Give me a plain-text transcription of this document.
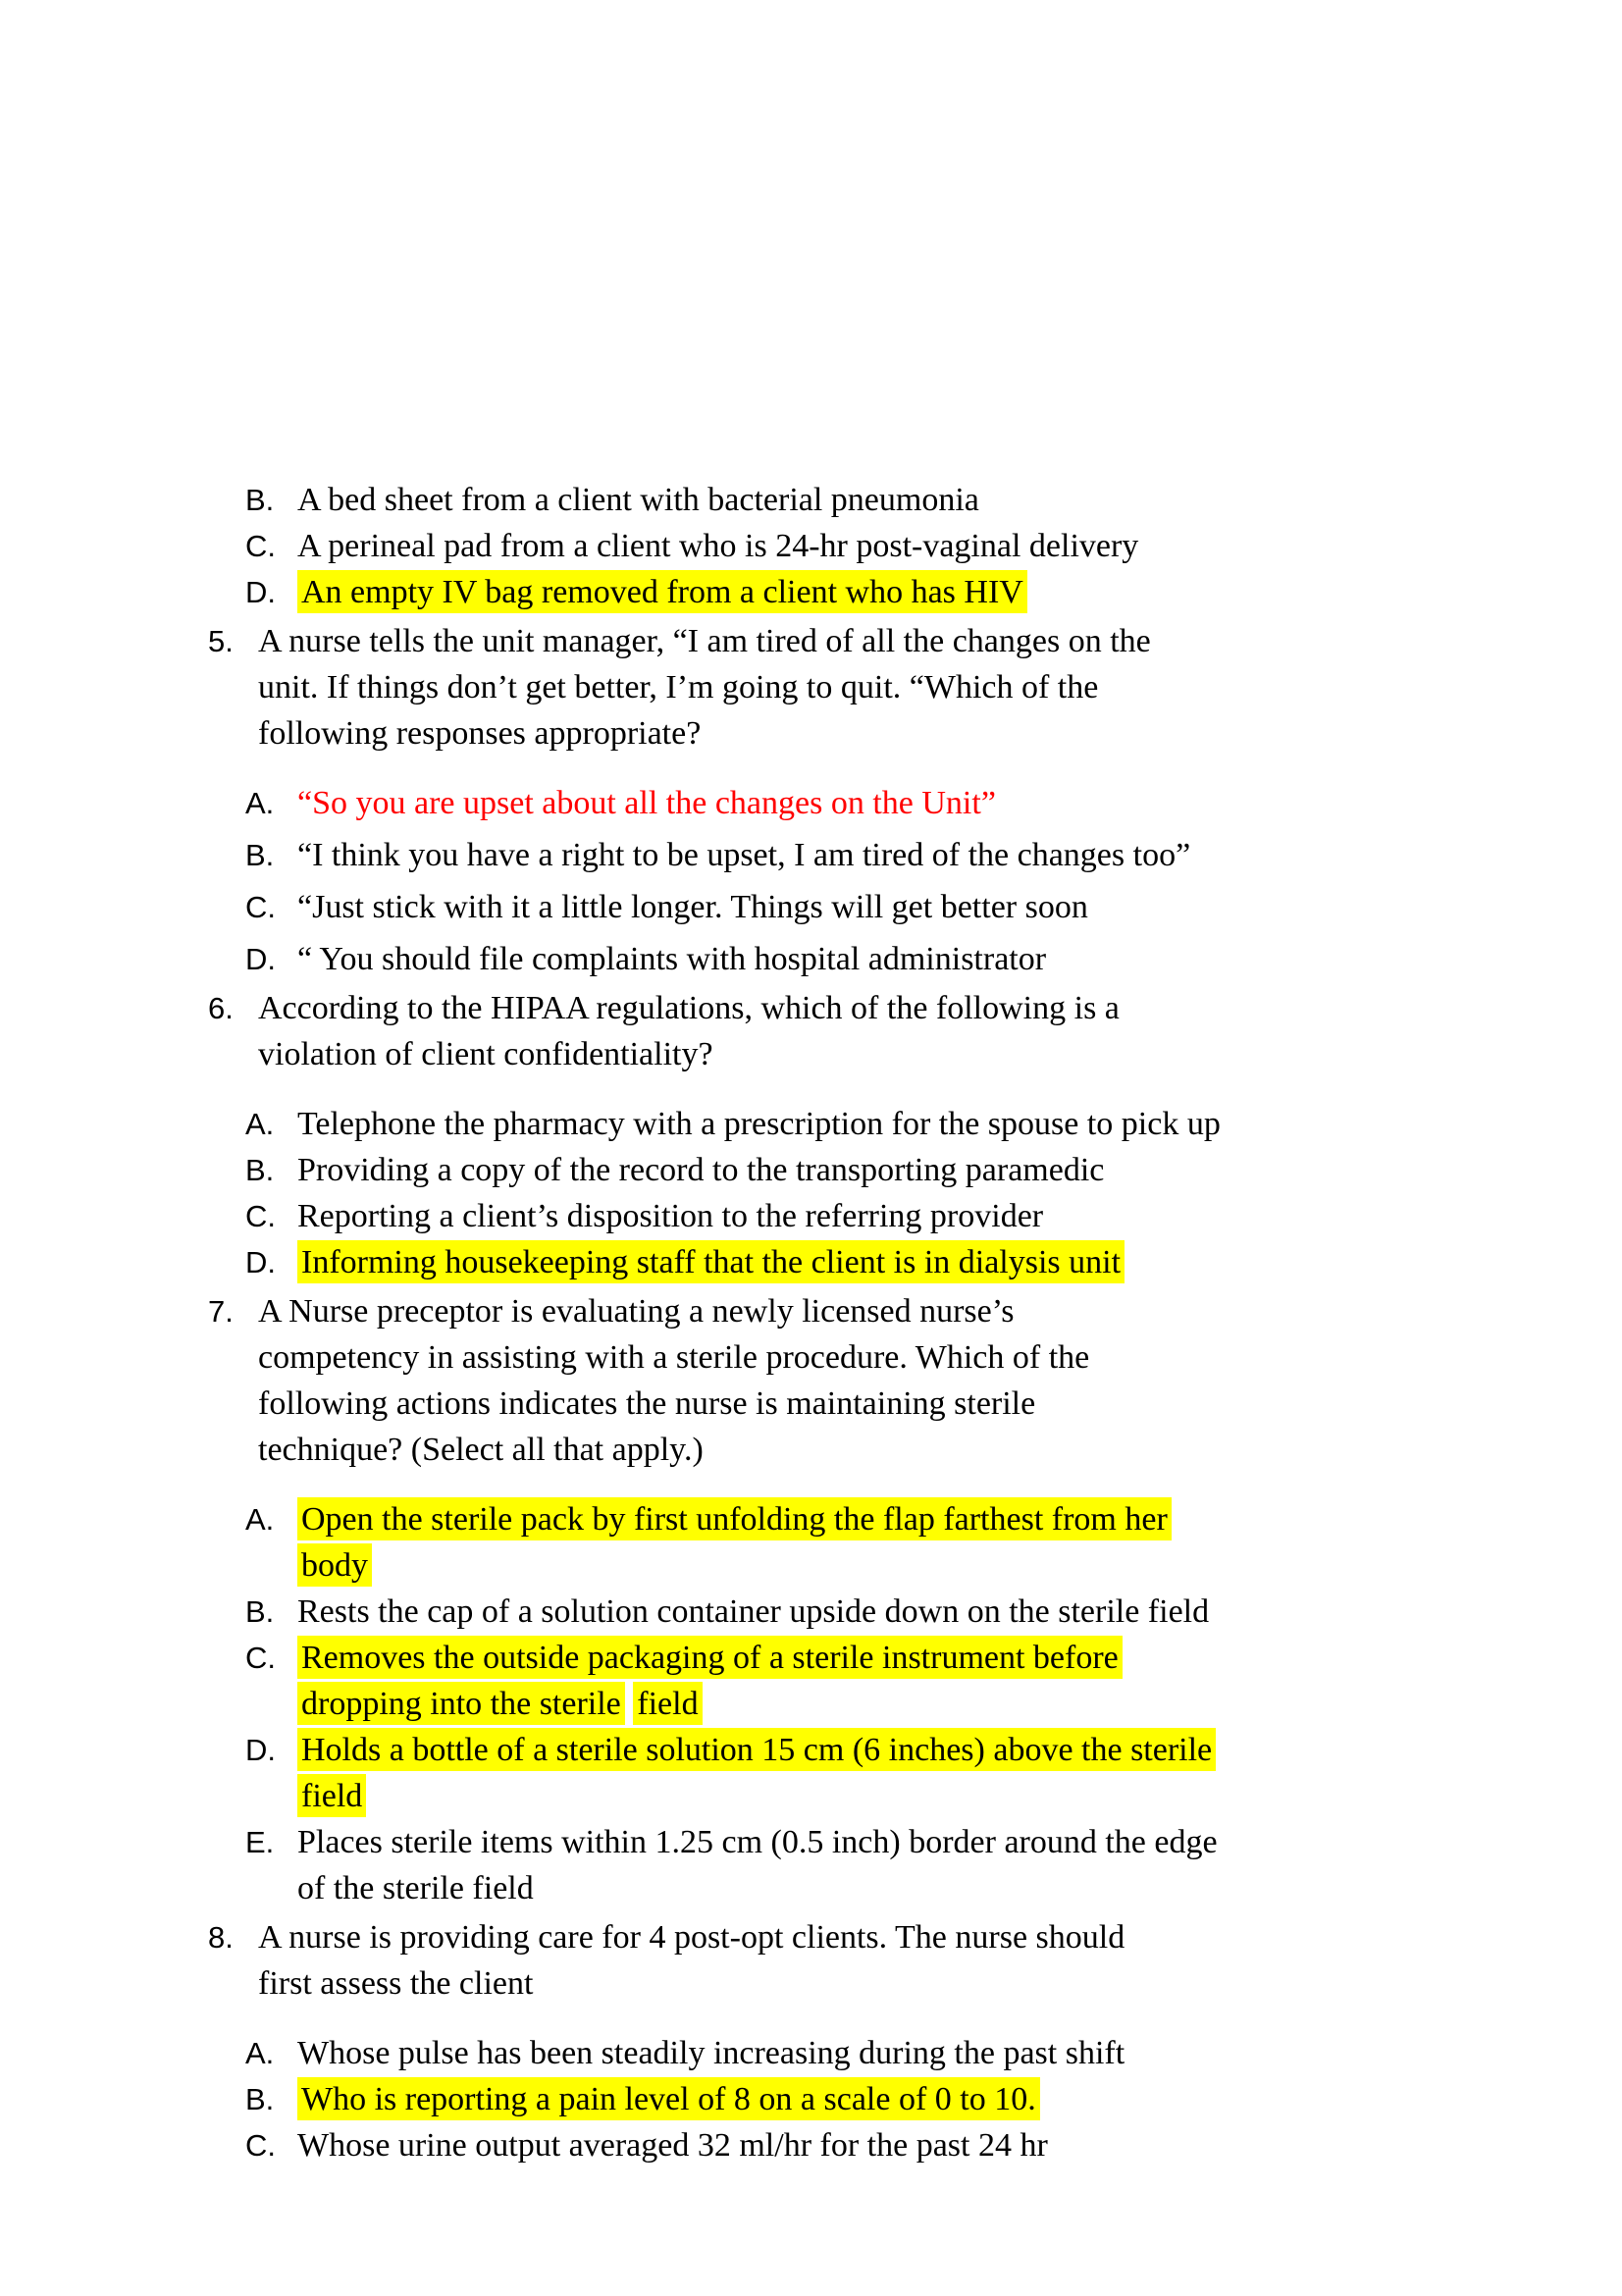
B. A bed sheet from a client with bacterial pneumonia
C. A perineal pad from a client who is 24-hr post-vaginal delivery
D. An empty IV bag removed from a client who has HIV
5. A nurse tells the unit manager, “I am tired of all the changes on the
unit. If things don’t get better, I’m going to quit. “Which of the
following responses appropriate?
A. “So you are upset about all the changes on the Unit”
B. “I think you have a right to be upset, I am tired of the changes too”
C. “Just stick with it a little longer. Things will get better soon
D. “ You should file complaints with hospital administrator
6. According to the HIPAA regulations, which of the following is a
violation of client confidentiality?
A. Telephone the pharmacy with a prescription for the spouse to pick up
B. Providing a copy of the record to the transporting paramedic
C. Reporting a client’s disposition to the referring provider
D. Informing housekeeping staff that the client is in dialysis unit
7. A Nurse preceptor is evaluating a newly licensed nurse’s
competency in assisting with a sterile procedure. Which of the
following actions indicates the nurse is maintaining sterile
technique? (Select all that apply.)
A. Open the sterile pack by first unfolding the flap farthest from her
body
B. Rests the cap of a solution container upside down on the sterile field
C. Removes the outside packaging of a sterile instrument before
dropping into the sterile field
D. Holds a bottle of a sterile solution 15 cm (6 inches) above the sterile
field
E. Places sterile items within 1.25 cm (0.5 inch) border around the edge
of the sterile field
8. A nurse is providing care for 4 post-opt clients. The nurse should
first assess the client
A. Whose pulse has been steadily increasing during the past shift
B. Who is reporting a pain level of 8 on a scale of 0 to 10.
C. Whose urine output averaged 32 ml/hr for the past 24 hr
